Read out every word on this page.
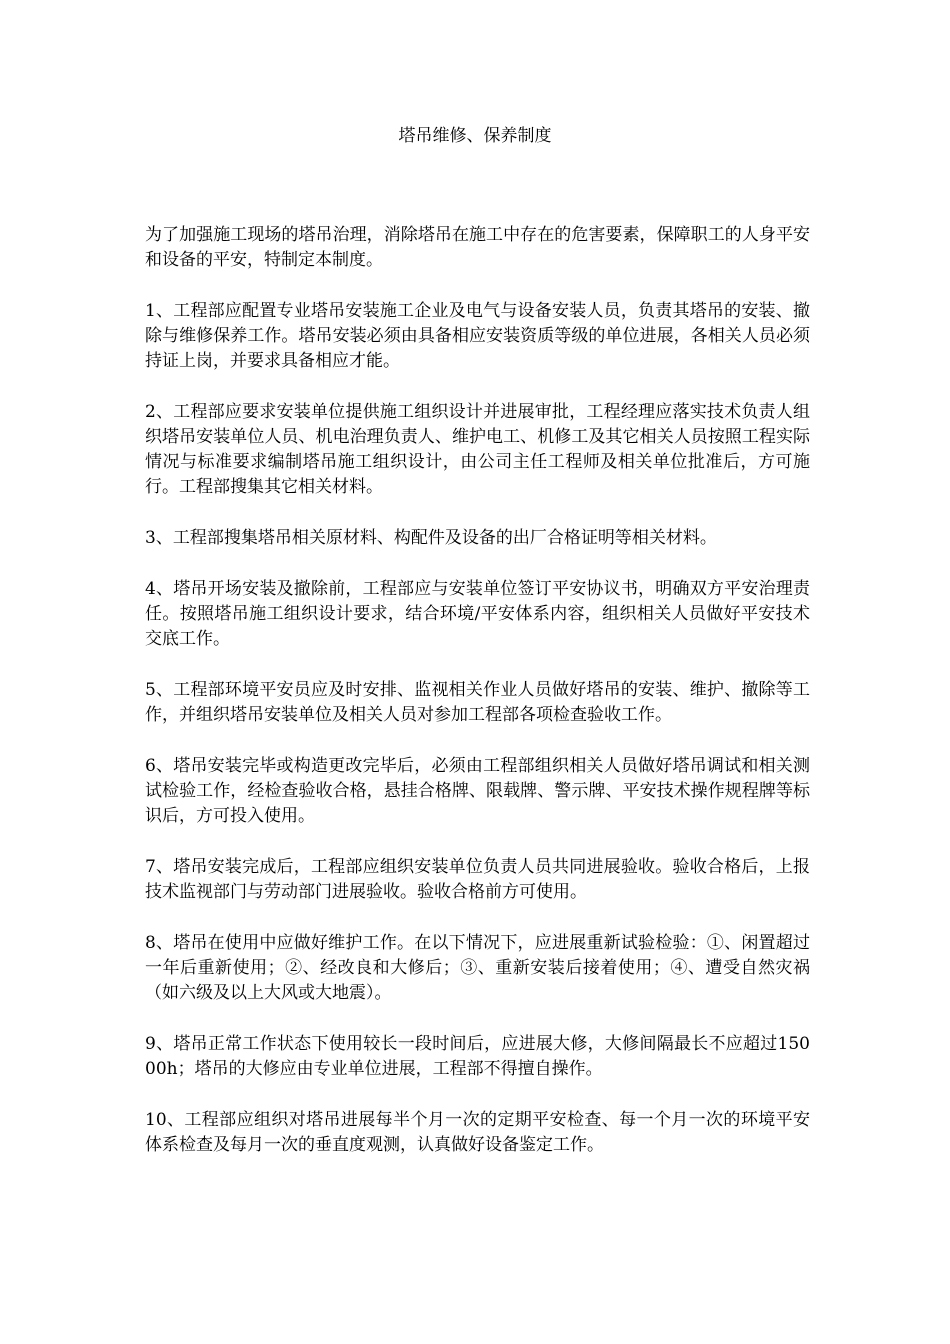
塔吊维修、保养制度

为了加强施工现场的塔吊治理，消除塔吊在施工中存在的危害要素，保障职工的人身平安和设备的平安，特制定本制度。

1、工程部应配置专业塔吊安装施工企业及电气与设备安装人员，负责其塔吊的安装、撤除与维修保养工作。塔吊安装必须由具备相应安装资质等级的单位进展，各相关人员必须持证上岗，并要求具备相应才能。

2、工程部应要求安装单位提供施工组织设计并进展审批，工程经理应落实技术负责人组织塔吊安装单位人员、机电治理负责人、维护电工、机修工及其它相关人员按照工程实际情况与标准要求编制塔吊施工组织设计，由公司主任工程师及相关单位批准后，方可施行。工程部搜集其它相关材料。

3、工程部搜集塔吊相关原材料、构配件及设备的出厂合格证明等相关材料。

4、塔吊开场安装及撤除前，工程部应与安装单位签订平安协议书，明确双方平安治理责任。按照塔吊施工组织设计要求，结合环境/平安体系内容，组织相关人员做好平安技术交底工作。

5、工程部环境平安员应及时安排、监视相关作业人员做好塔吊的安装、维护、撤除等工作，并组织塔吊安装单位及相关人员对参加工程部各项检查验收工作。

6、塔吊安装完毕或构造更改完毕后，必须由工程部组织相关人员做好塔吊调试和相关测试检验工作，经检查验收合格，悬挂合格牌、限载牌、警示牌、平安技术操作规程牌等标识后，方可投入使用。

7、塔吊安装完成后，工程部应组织安装单位负责人员共同进展验收。验收合格后，上报技术监视部门与劳动部门进展验收。验收合格前方可使用。

8、塔吊在使用中应做好维护工作。在以下情况下，应进展重新试验检验：①、闲置超过一年后重新使用；②、经改良和大修后；③、重新安装后接着使用；④、遭受自然灾祸（如六级及以上大风或大地震）。

9、塔吊正常工作状态下使用较长一段时间后，应进展大修，大修间隔最长不应超过15000h；塔吊的大修应由专业单位进展，工程部不得擅自操作。

10、工程部应组织对塔吊进展每半个月一次的定期平安检查、每一个月一次的环境平安体系检查及每月一次的垂直度观测，认真做好设备鉴定工作。
